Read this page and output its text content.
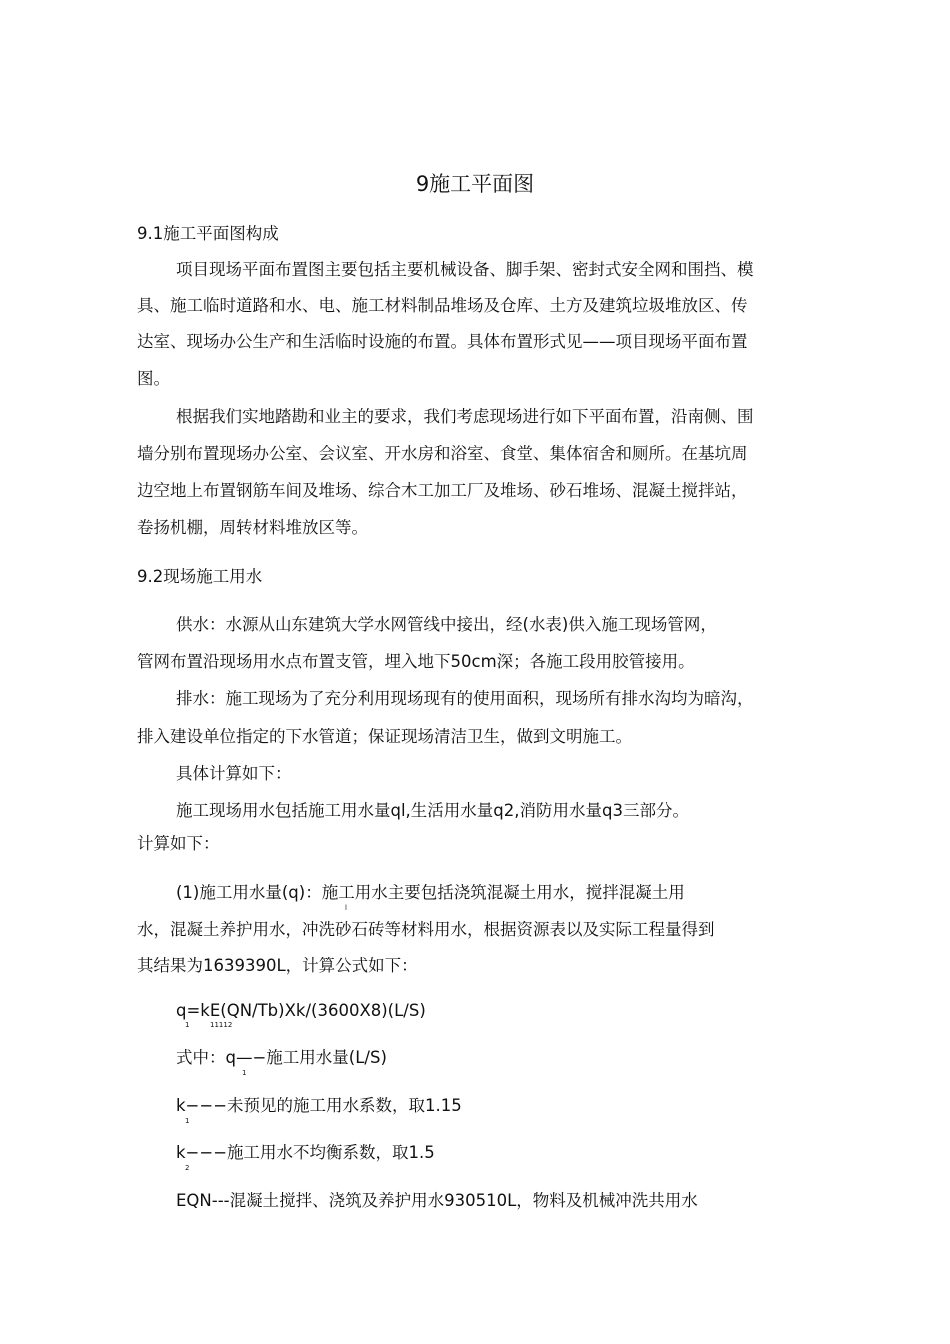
9施工平面图
9.1施工平面图构成
项目现场平面布置图主要包括主要机械设备、脚手架、密封式安全网和围挡、模
具、施工临时道路和水、电、施工材料制品堆场及仓库、土方及建筑垃圾堆放区、传
达室、现场办公生产和生活临时设施的布置。具体布置形式见——项目现场平面布置
图。
根据我们实地踏勘和业主的要求，我们考虑现场进行如下平面布置，沿南侧、围
墙分别布置现场办公室、会议室、开水房和浴室、食堂、集体宿舍和厕所。在基坑周
边空地上布置钢筋车间及堆场、综合木工加工厂及堆场、砂石堆场、混凝土搅拌站，
卷扬机棚，周转材料堆放区等。
9.2现场施工用水
供水：水源从山东建筑大学水网管线中接出，经(水表)供入施工现场管网，
管网布置沿现场用水点布置支管，埋入地下50cm深；各施工段用胶管接用。
排水：施工现场为了充分利用现场现有的使用面积，现场所有排水沟均为暗沟，
排入建设单位指定的下水管道；保证现场清洁卫生，做到文明施工。
具体计算如下：
施工现场用水包括施工用水量ql,生活用水量q2,消防用水量q3三部分。
计算如下：
(1)施工用水量(q)：施工用水主要包括浇筑混凝土用水，搅拌混凝土用
l
水，混凝土养护用水，冲洗砂石砖等材料用水，根据资源表以及实际工程量得到
其结果为1639390L，计算公式如下：
q=kE(QN/Tb)Xk/(3600X8)(L/S)
1	11112
式中：q—−施工用水量(L/S)
1
k−−−未预见的施工用水系数，取1.15
1
k−−−施工用水不均衡系数，取1.5
2
EQN---混凝土搅拌、浇筑及养护用水930510L，物料及机械冲洗共用水
